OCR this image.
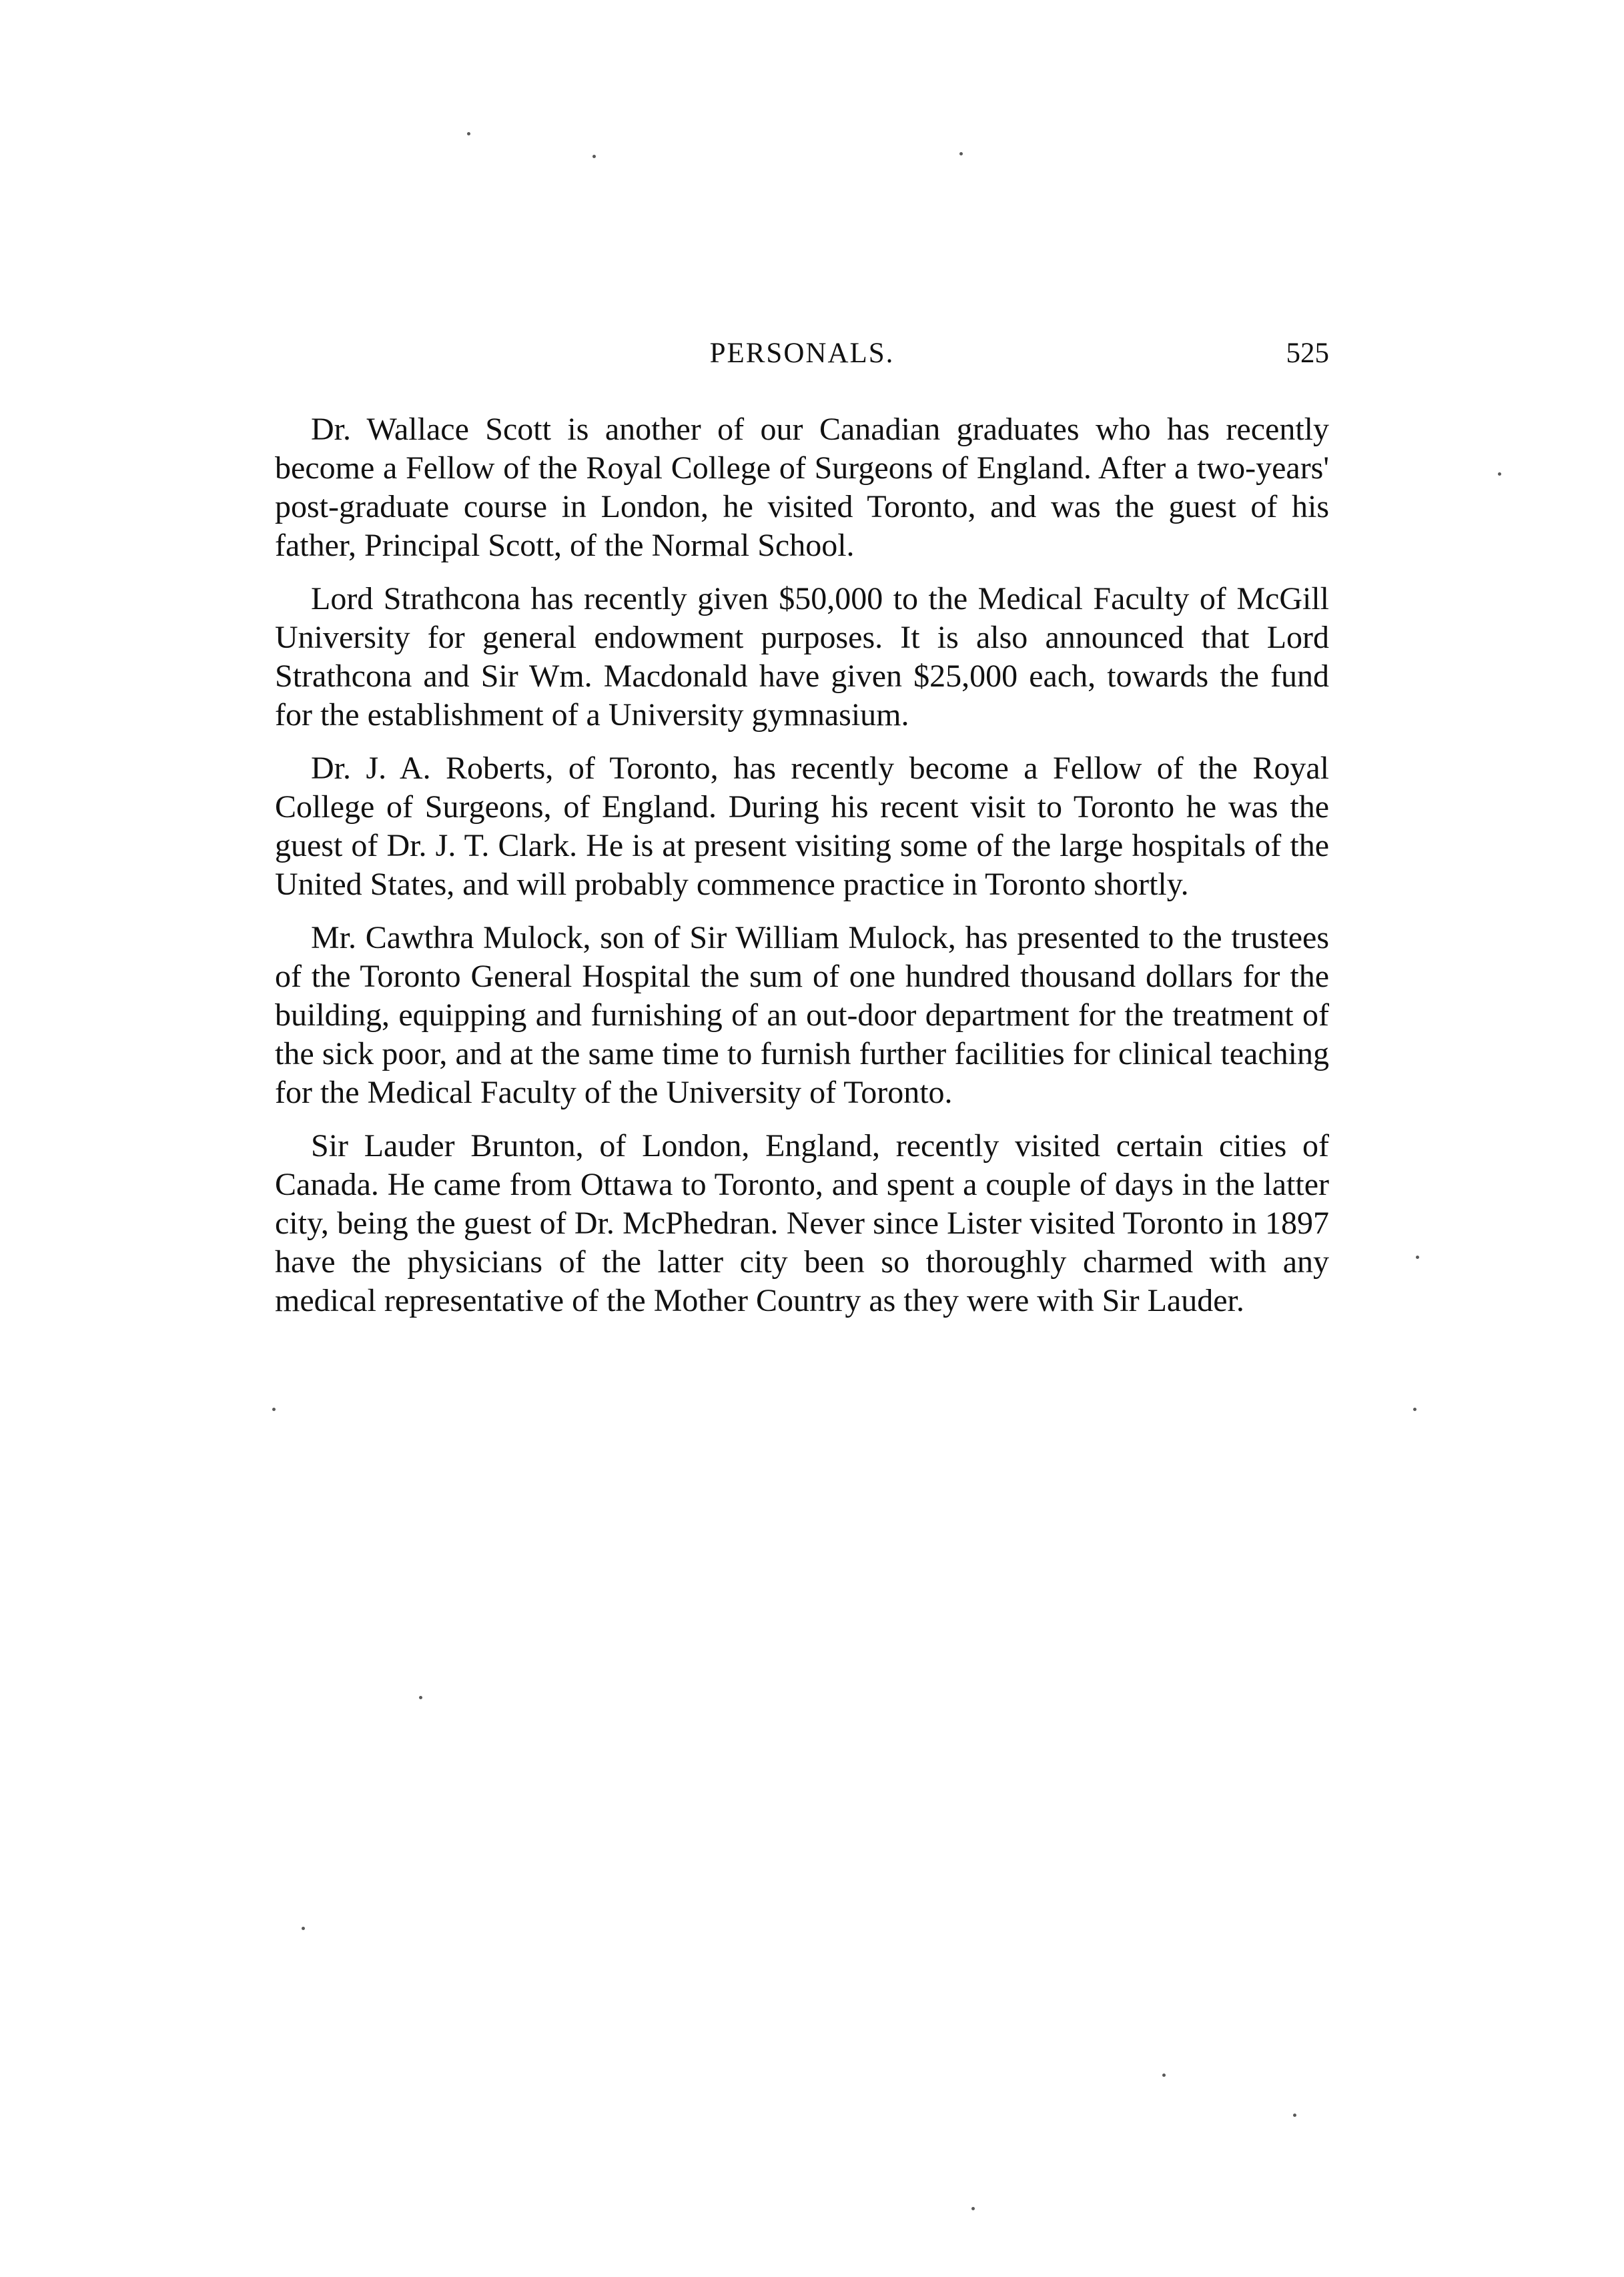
PERSONALS.	525

Dr. Wallace Scott is another of our Canadian graduates who has recently become a Fellow of the Royal College of Surgeons of England. After a two-years' post-graduate course in London, he visited Toronto, and was the guest of his father, Principal Scott, of the Normal School.

Lord Strathcona has recently given $50,000 to the Medical Faculty of McGill University for general endowment purposes. It is also announced that Lord Strathcona and Sir Wm. Macdonald have given $25,000 each, towards the fund for the establishment of a University gymnasium.

Dr. J. A. Roberts, of Toronto, has recently become a Fellow of the Royal College of Surgeons, of England. During his recent visit to Toronto he was the guest of Dr. J. T. Clark. He is at present visiting some of the large hospitals of the United States, and will probably commence practice in Toronto shortly.

Mr. Cawthra Mulock, son of Sir William Mulock, has presented to the trustees of the Toronto General Hospital the sum of one hundred thousand dollars for the building, equipping and furnishing of an out-door department for the treatment of the sick poor, and at the same time to furnish further facilities for clinical teaching for the Medical Faculty of the University of Toronto.

Sir Lauder Brunton, of London, England, recently visited certain cities of Canada. He came from Ottawa to Toronto, and spent a couple of days in the latter city, being the guest of Dr. McPhedran. Never since Lister visited Toronto in 1897 have the physicians of the latter city been so thoroughly charmed with any medical representative of the Mother Country as they were with Sir Lauder.
